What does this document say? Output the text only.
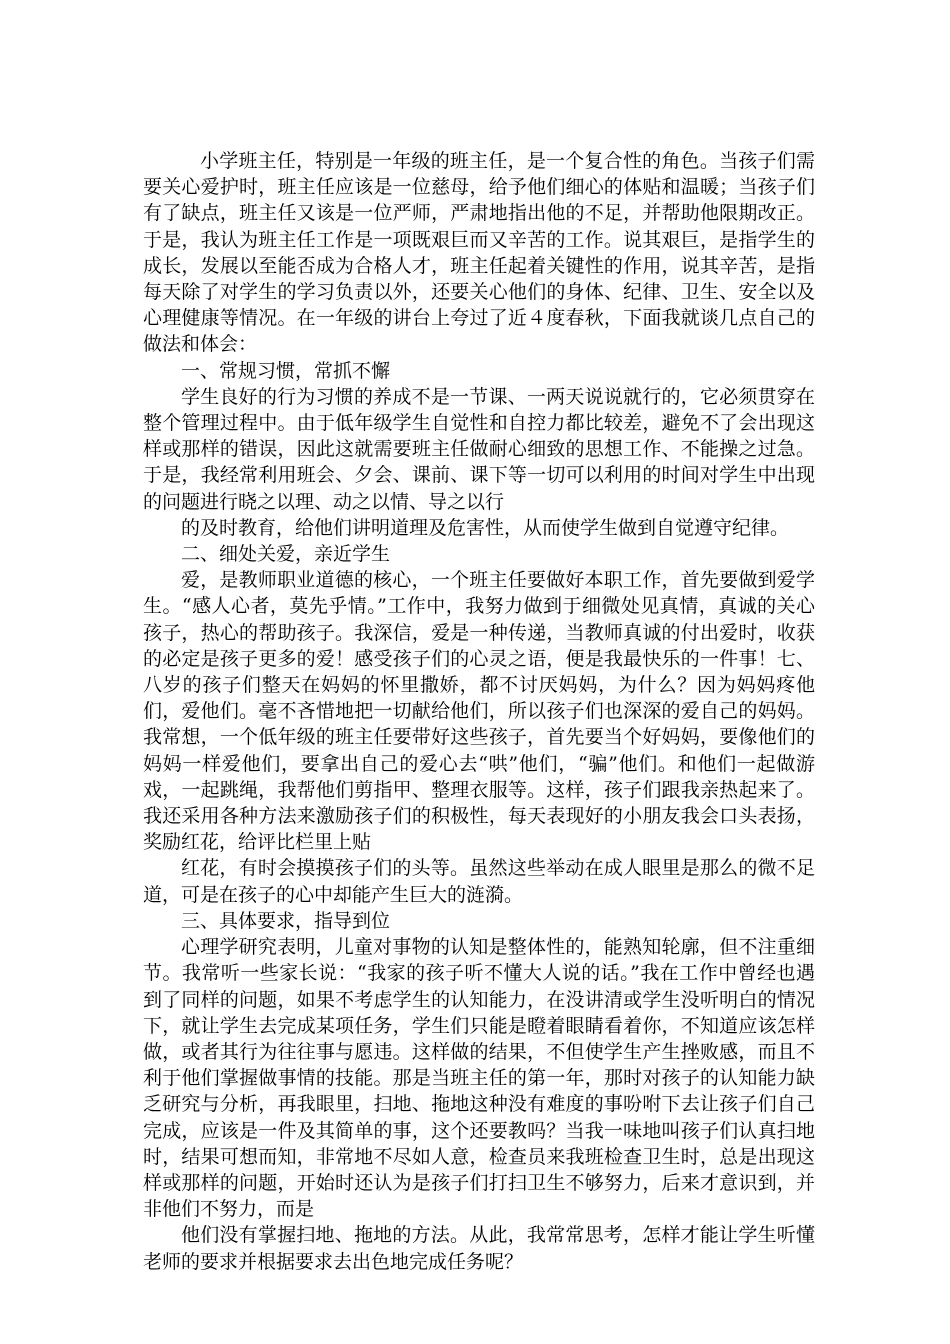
小学班主任，特别是一年级的班主任，是一个复合性的角色。当孩子们需要关心爱护时，班主任应该是一位慈母，给予他们细心的体贴和温暖；当孩子们有了缺点，班主任又该是一位严师，严肃地指出他的不足，并帮助他限期改正。于是，我认为班主任工作是一项既艰巨而又辛苦的工作。说其艰巨，是指学生的成长，发展以至能否成为合格人才，班主任起着关键性的作用，说其辛苦，是指每天除了对学生的学习负责以外，还要关心他们的身体、纪律、卫生、安全以及心理健康等情况。在一年级的讲台上夸过了近４度春秋，下面我就谈几点自己的做法和体会：

一、常规习惯，常抓不懈

学生良好的行为习惯的养成不是一节课、一两天说说就行的，它必须贯穿在整个管理过程中。由于低年级学生自觉性和自控力都比较差，避免不了会出现这样或那样的错误，因此这就需要班主任做耐心细致的思想工作、不能操之过急。于是，我经常利用班会、夕会、课前、课下等一切可以利用的时间对学生中出现的问题进行晓之以理、动之以情、导之以行

的及时教育，给他们讲明道理及危害性，从而使学生做到自觉遵守纪律。

二、细处关爱，亲近学生

爱，是教师职业道德的核心，一个班主任要做好本职工作，首先要做到爱学生。“感人心者，莫先乎情。”工作中，我努力做到于细微处见真情，真诚的关心孩子，热心的帮助孩子。我深信，爱是一种传递，当教师真诚的付出爱时，收获的必定是孩子更多的爱！感受孩子们的心灵之语，便是我最快乐的一件事！七、八岁的孩子们整天在妈妈的怀里撒娇，都不讨厌妈妈，为什么？因为妈妈疼他们，爱他们。毫不吝惜地把一切献给他们，所以孩子们也深深的爱自己的妈妈。我常想，一个低年级的班主任要带好这些孩子，首先要当个好妈妈，要像他们的妈妈一样爱他们，要拿出自己的爱心去“哄”他们，“骗”他们。和他们一起做游戏，一起跳绳，我帮他们剪指甲、整理衣服等。这样，孩子们跟我亲热起来了。我还采用各种方法来激励孩子们的积极性，每天表现好的小朋友我会口头表扬，奖励红花，给评比栏里上贴

红花，有时会摸摸孩子们的头等。虽然这些举动在成人眼里是那么的微不足道，可是在孩子的心中却能产生巨大的涟漪。

三、具体要求，指导到位

心理学研究表明，儿童对事物的认知是整体性的，能熟知轮廓，但不注重细节。我常听一些家长说：“我家的孩子听不懂大人说的话。”我在工作中曾经也遇到了同样的问题，如果不考虑学生的认知能力，在没讲清或学生没听明白的情况下，就让学生去完成某项任务，学生们只能是瞪着眼睛看着你，不知道应该怎样做，或者其行为往往事与愿违。这样做的结果，不但使学生产生挫败感，而且不利于他们掌握做事情的技能。那是当班主任的第一年，那时对孩子的认知能力缺乏研究与分析，再我眼里，扫地、拖地这种没有难度的事吩咐下去让孩子们自己完成，应该是一件及其简单的事，这个还要教吗？当我一味地叫孩子们认真扫地时，结果可想而知，非常地不尽如人意，检查员来我班检查卫生时，总是出现这样或那样的问题，开始时还认为是孩子们打扫卫生不够努力，后来才意识到，并非他们不努力，而是

他们没有掌握扫地、拖地的方法。从此，我常常思考，怎样才能让学生听懂老师的要求并根据要求去出色地完成任务呢？
